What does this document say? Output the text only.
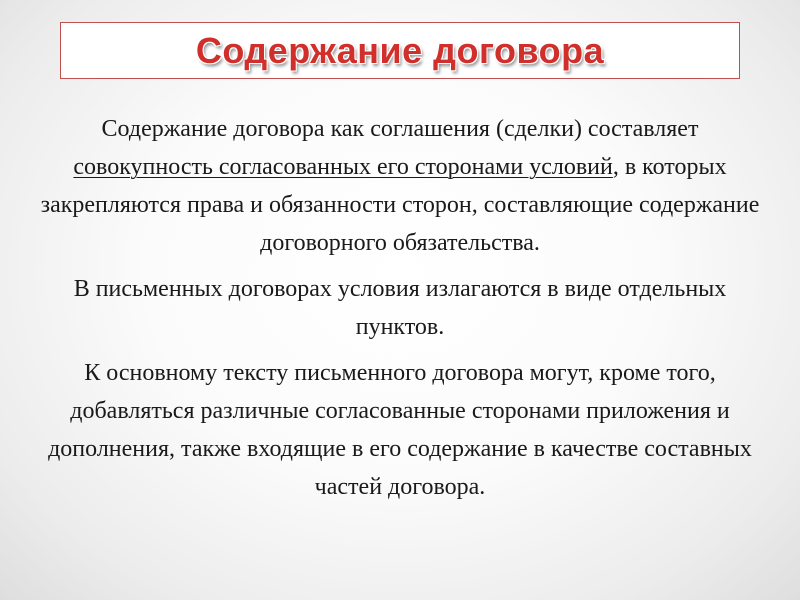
Содержание договора

Содержание договора как соглашения (сделки) составляет совокупность согласованных его сторонами условий, в которых закрепляются права и обязанности сторон, составляющие содержание договорного обязательства.

В письменных договорах условия излагаются в виде отдельных пунктов.

К основному тексту письменного договора могут, кроме того, добавляться различные согласованные сторонами приложения и дополнения, также входящие в его содержание в качестве составных частей договора.
